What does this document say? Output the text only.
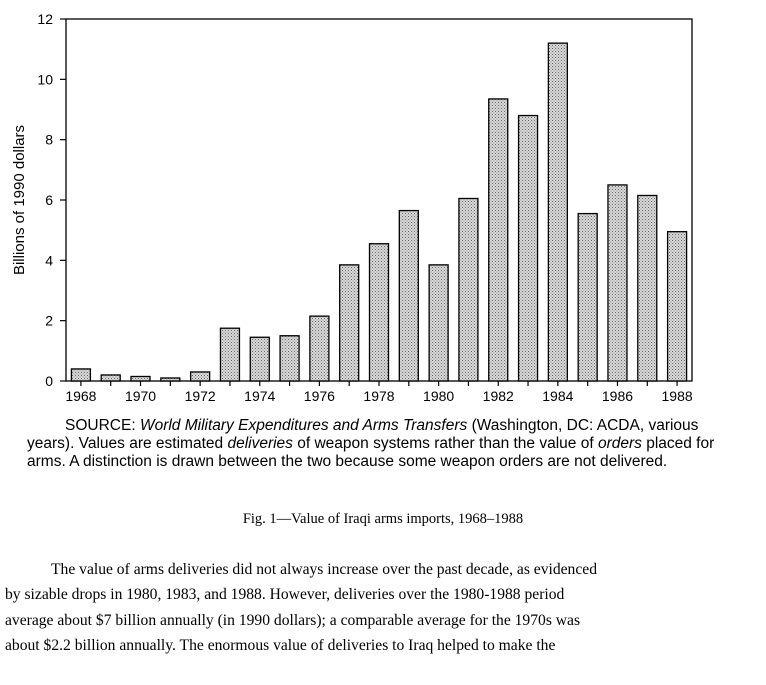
0
2
4
6
8
10
12
1968 1970 1972 1974 1976 1978 1980 1982 1984 1986 1988
Billions of 1990 dollars
SOURCE: World Military Expenditures and Arms Transfers (Washington, DC: ACDA, various years). Values are estimated deliveries of weapon systems rather than the value of orders placed for arms. A distinction is drawn between the two because some weapon orders are not delivered.
Fig. 1—Value of Iraqi arms imports, 1968–1988

The value of arms deliveries did not always increase over the past decade, as evidenced

by sizable drops in 1980, 1983, and 1988. However, deliveries over the 1980-1988 period

average about $7 billion annually (in 1990 dollars); a comparable average for the 1970s was

about $2.2 billion annually. The enormous value of deliveries to Iraq helped to make the
